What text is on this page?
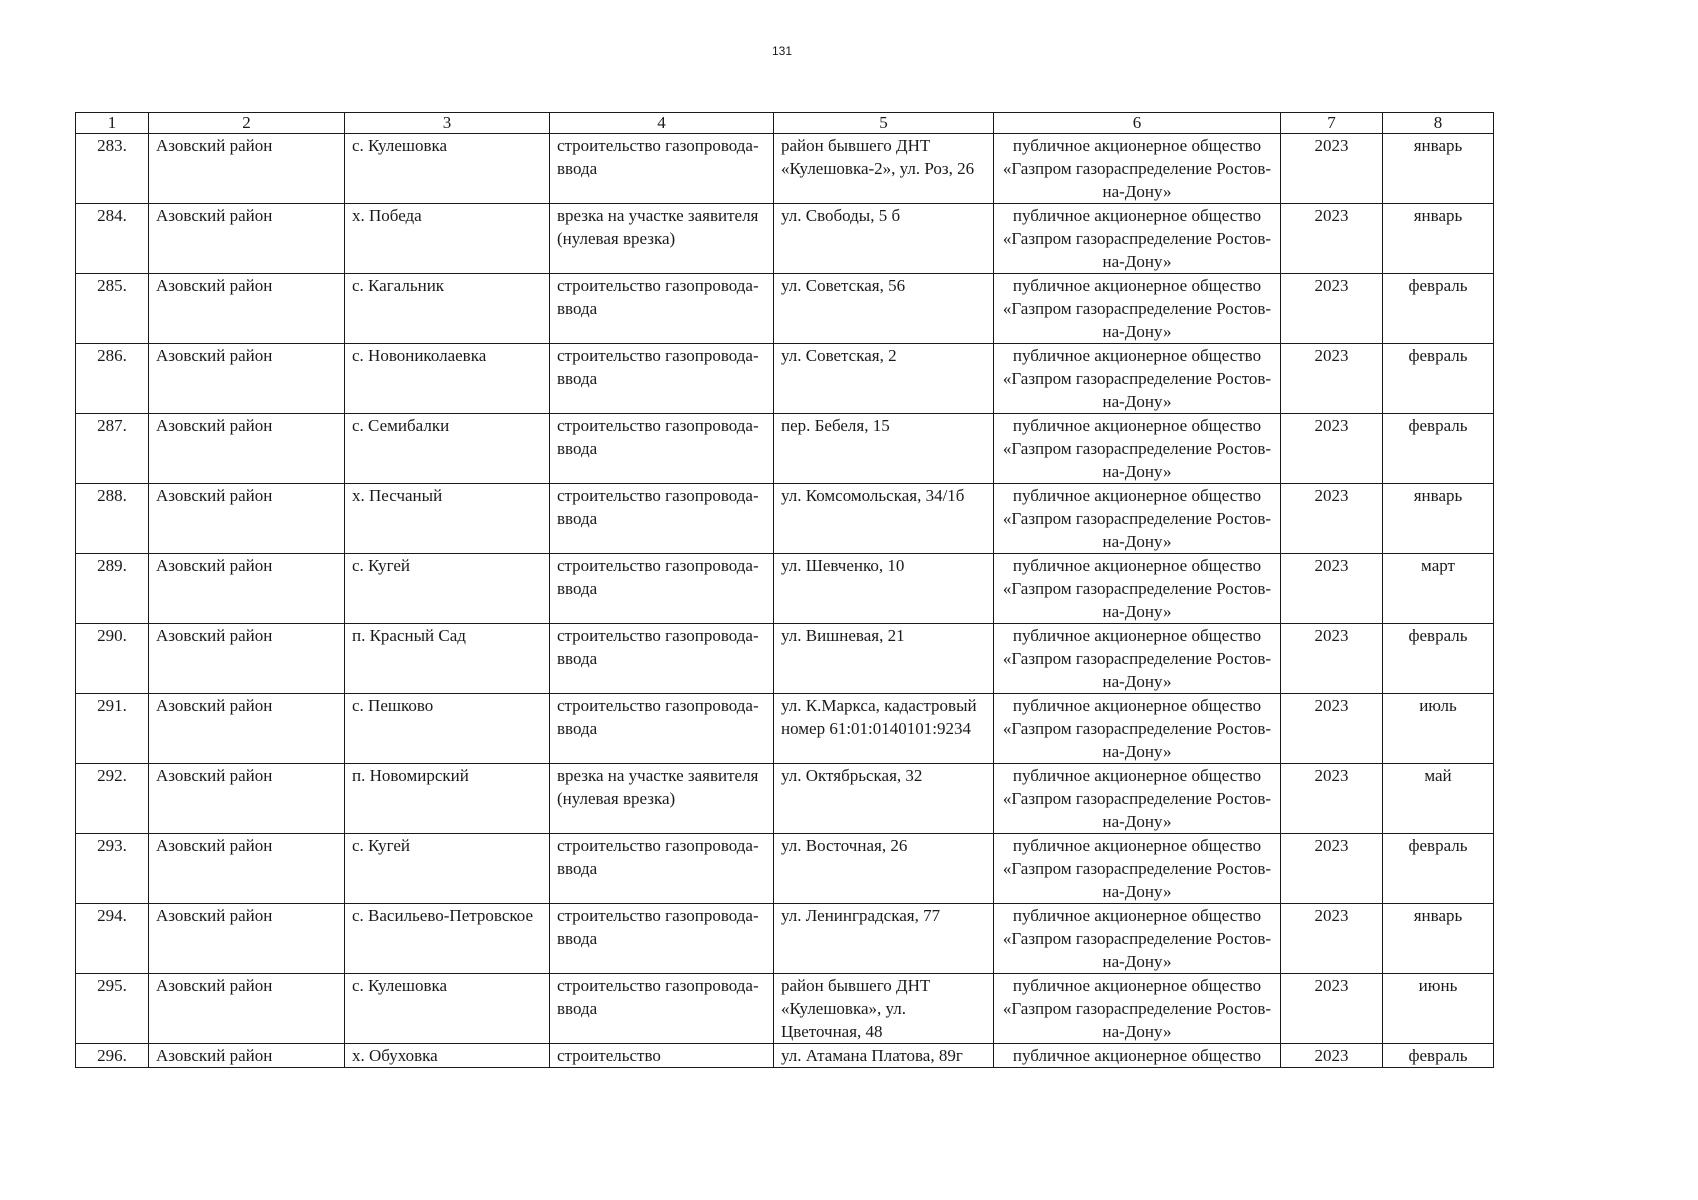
131
1	2	3	4	5	6	7	8
283.	Азовский район	с. Кулешовка	строительство газопровода-ввода	район бывшего ДНТ «Кулешовка-2», ул. Роз, 26	публичное акционерное общество «Газпром газораспределение Ростов-на-Дону»	2023	январь
284.	Азовский район	х. Победа	врезка на участке заявителя (нулевая врезка)	ул. Свободы, 5 б	публичное акционерное общество «Газпром газораспределение Ростов-на-Дону»	2023	январь
285.	Азовский район	с. Кагальник	строительство газопровода-ввода	ул. Советская, 56	публичное акционерное общество «Газпром газораспределение Ростов-на-Дону»	2023	февраль
286.	Азовский район	с. Новониколаевка	строительство газопровода-ввода	ул. Советская, 2	публичное акционерное общество «Газпром газораспределение Ростов-на-Дону»	2023	февраль
287.	Азовский район	с. Семибалки	строительство газопровода-ввода	пер. Бебеля, 15	публичное акционерное общество «Газпром газораспределение Ростов-на-Дону»	2023	февраль
288.	Азовский район	х. Песчаный	строительство газопровода-ввода	ул. Комсомольская, 34/1б	публичное акционерное общество «Газпром газораспределение Ростов-на-Дону»	2023	январь
289.	Азовский район	с. Кугей	строительство газопровода-ввода	ул. Шевченко, 10	публичное акционерное общество «Газпром газораспределение Ростов-на-Дону»	2023	март
290.	Азовский район	п. Красный Сад	строительство газопровода-ввода	ул. Вишневая, 21	публичное акционерное общество «Газпром газораспределение Ростов-на-Дону»	2023	февраль
291.	Азовский район	с. Пешково	строительство газопровода-ввода	ул. К.Маркса, кадастровый номер 61:01:0140101:9234	публичное акционерное общество «Газпром газораспределение Ростов-на-Дону»	2023	июль
292.	Азовский район	п. Новомирский	врезка на участке заявителя (нулевая врезка)	ул. Октябрьская, 32	публичное акционерное общество «Газпром газораспределение Ростов-на-Дону»	2023	май
293.	Азовский район	с. Кугей	строительство газопровода-ввода	ул. Восточная, 26	публичное акционерное общество «Газпром газораспределение Ростов-на-Дону»	2023	февраль
294.	Азовский район	с. Васильево-Петровское	строительство газопровода-ввода	ул. Ленинградская, 77	публичное акционерное общество «Газпром газораспределение Ростов-на-Дону»	2023	январь
295.	Азовский район	с. Кулешовка	строительство газопровода-ввода	район бывшего ДНТ «Кулешовка», ул. Цветочная, 48	публичное акционерное общество «Газпром газораспределение Ростов-на-Дону»	2023	июнь
296.	Азовский район	х. Обуховка	строительство	ул. Атамана Платова, 89г	публичное акционерное общество	2023	февраль
